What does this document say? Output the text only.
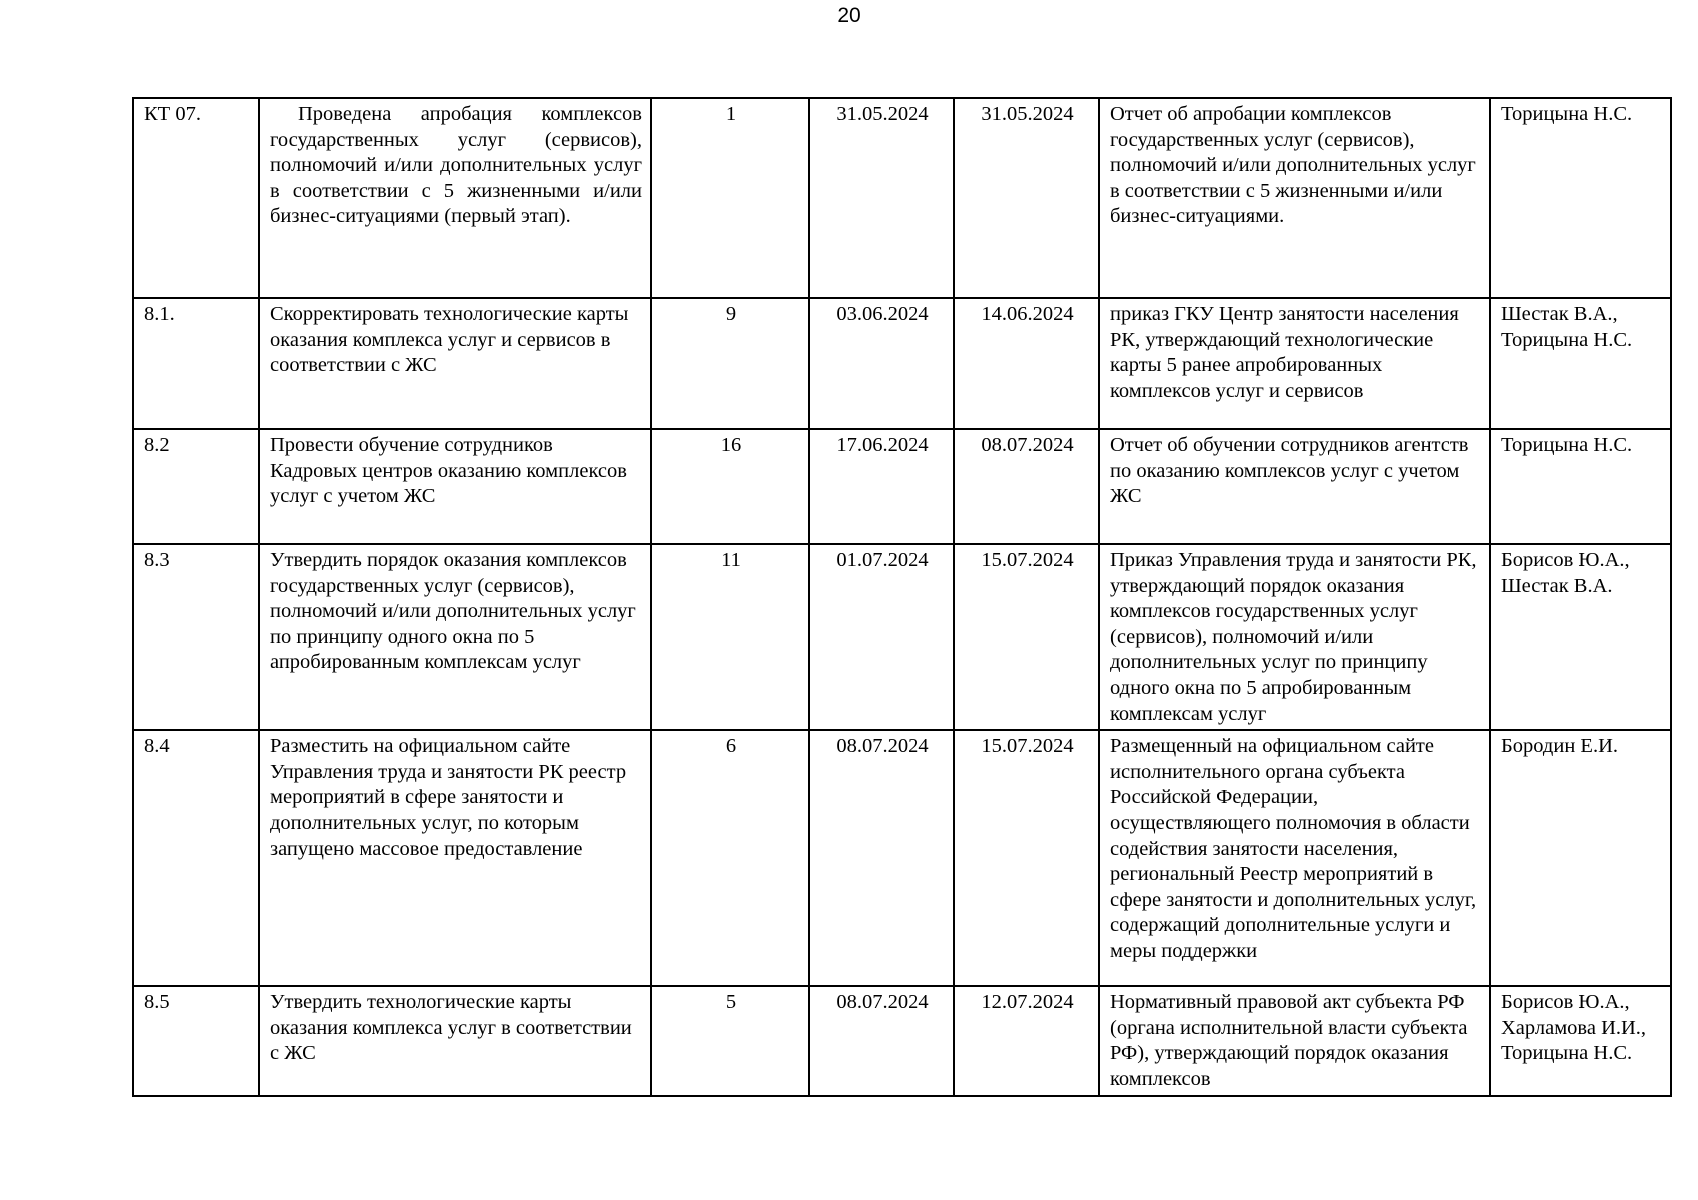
20
КТ 07.	Проведена апробация комплексов государственных услуг (сервисов), полномочий и/или дополнительных услуг в соответствии с 5 жизненными и/или бизнес-ситуациями (первый этап).	1	31.05.2024	31.05.2024	Отчет об апробации комплексов государственных услуг (сервисов), полномочий и/или дополнительных услуг в соответствии с 5 жизненными и/или бизнес-ситуациями.	Торицына Н.С.
8.1.	Скорректировать технологические карты оказания комплекса услуг и сервисов в соответствии с ЖС	9	03.06.2024	14.06.2024	приказ ГКУ Центр занятости населения РК, утверждающий технологические карты 5 ранее апробированных комплексов услуг и сервисов	Шестак В.А., Торицына Н.С.
8.2	Провести обучение сотрудников Кадровых центров оказанию комплексов услуг с учетом ЖС	16	17.06.2024	08.07.2024	Отчет об обучении сотрудников агентств по оказанию комплексов услуг с учетом ЖС	Торицына Н.С.
8.3	Утвердить порядок оказания комплексов государственных услуг (сервисов), полномочий и/или дополнительных услуг по принципу одного окна по 5 апробированным комплексам услуг	11	01.07.2024	15.07.2024	Приказ Управления труда и занятости РК, утверждающий порядок оказания комплексов государственных услуг (сервисов), полномочий и/или дополнительных услуг по принципу одного окна по 5 апробированным комплексам услуг	Борисов Ю.А., Шестак В.А.
8.4	Разместить на официальном сайте Управления труда и занятости РК реестр мероприятий в сфере занятости и дополнительных услуг, по которым запущено массовое предоставление	6	08.07.2024	15.07.2024	Размещенный на официальном сайте исполнительного органа субъекта Российской Федерации, осуществляющего полномочия в области содействия занятости населения, региональный Реестр мероприятий в сфере занятости и дополнительных услуг, содержащий дополнительные услуги и меры поддержки	Бородин Е.И.
8.5	Утвердить технологические карты оказания комплекса услуг в соответствии с ЖС	5	08.07.2024	12.07.2024	Нормативный правовой акт субъекта РФ (органа исполнительной власти субъекта РФ), утверждающий порядок оказания комплексов	Борисов Ю.А., Харламова И.И., Торицына Н.С.
